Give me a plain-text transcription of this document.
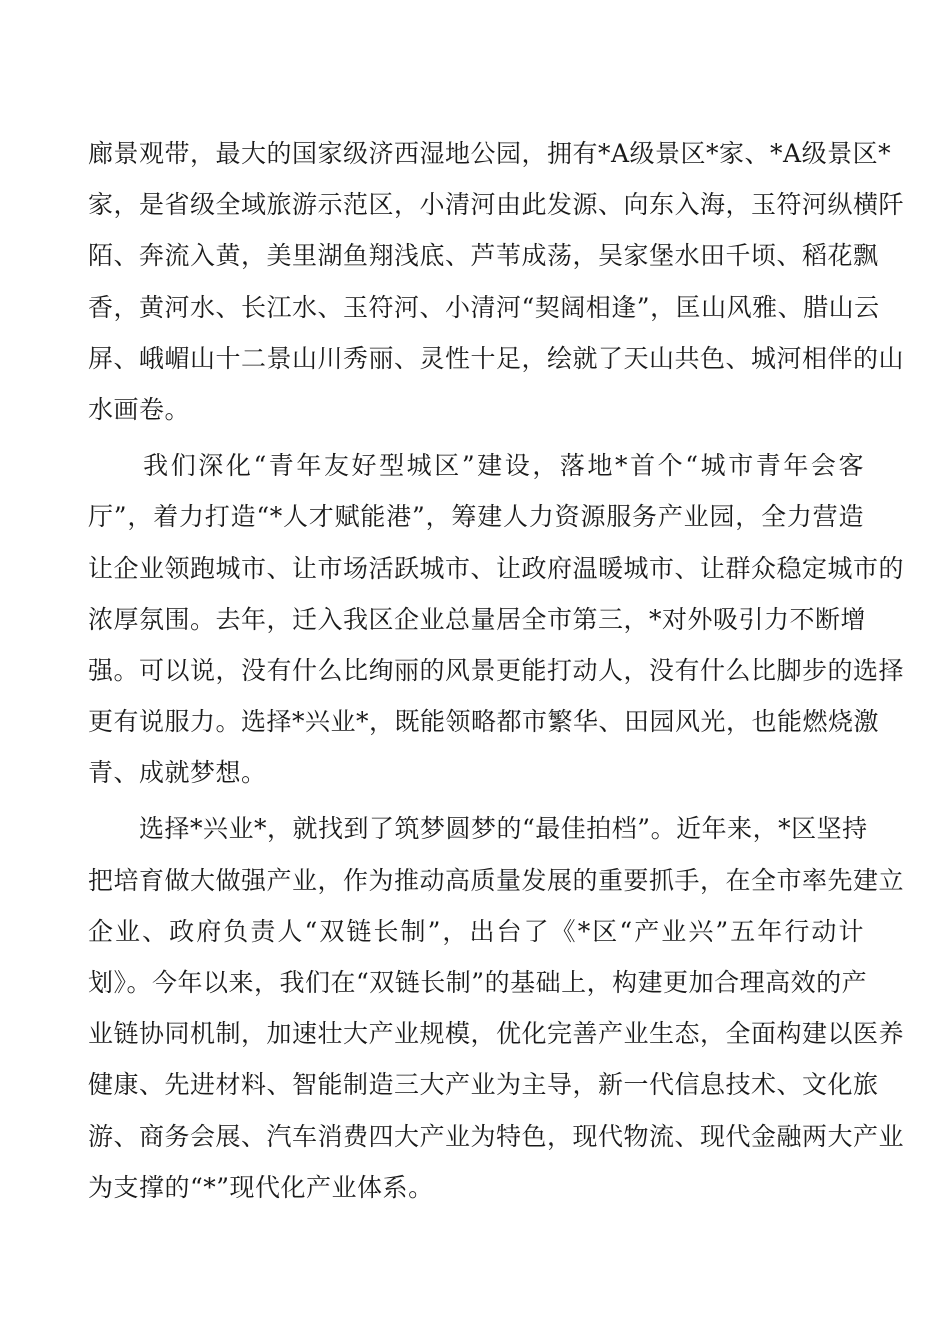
廊景观带，最大的国家级济西湿地公园，拥有*A级景区*家、*A级景区*
家，是省级全域旅游示范区，小清河由此发源、向东入海，玉符河纵横阡
陌、奔流入黄，美里湖鱼翔浅底、芦苇成荡，吴家堡水田千顷、稻花飘
香，黄河水、长江水、玉符河、小清河“契阔相逢”，匡山风雅、腊山云
屏、峨嵋山十二景山川秀丽、灵性十足，绘就了天山共色、城河相伴的山
水画卷。
　　我们深化“青年友好型城区”建设，落地*首个“城市青年会客
厅”，着力打造“*人才赋能港”，筹建人力资源服务产业园，全力营造
让企业领跑城市、让市场活跃城市、让政府温暖城市、让群众稳定城市的
浓厚氛围。去年，迁入我区企业总量居全市第三，*对外吸引力不断增
强。可以说，没有什么比绚丽的风景更能打动人，没有什么比脚步的选择
更有说服力。选择*兴业*，既能领略都市繁华、田园风光，也能燃烧激
青、成就梦想。
　　选择*兴业*，就找到了筑梦圆梦的“最佳拍档”。近年来，*区坚持
把培育做大做强产业，作为推动高质量发展的重要抓手，在全市率先建立
企业、政府负责人“双链长制”，出台了《*区“产业兴”五年行动计
划》。今年以来，我们在“双链长制”的基础上，构建更加合理高效的产
业链协同机制，加速壮大产业规模，优化完善产业生态，全面构建以医养
健康、先进材料、智能制造三大产业为主导，新一代信息技术、文化旅
游、商务会展、汽车消费四大产业为特色，现代物流、现代金融两大产业
为支撑的“*”现代化产业体系。
